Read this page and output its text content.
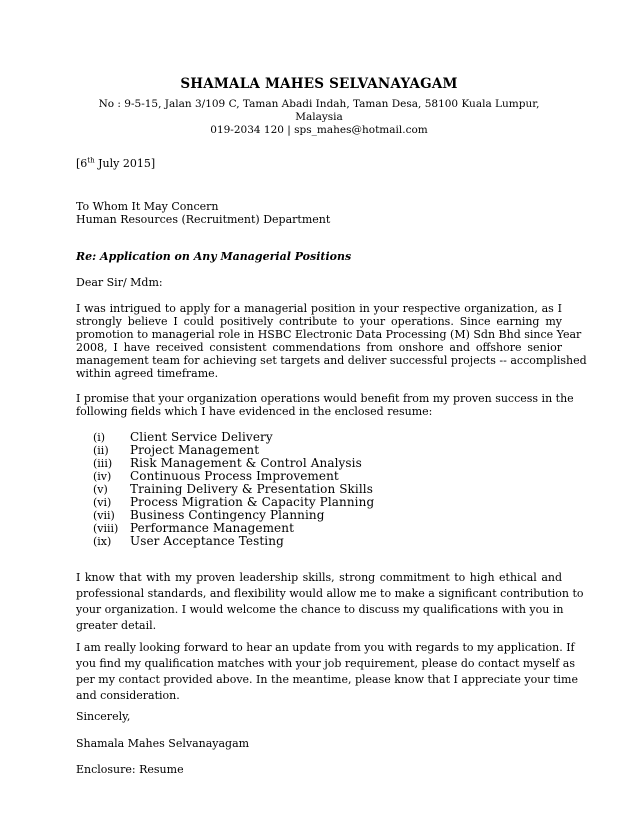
SHAMALA MAHES SELVANAYAGAM
No : 9-5-15, Jalan 3/109 C, Taman Abadi Indah, Taman Desa, 58100 Kuala Lumpur,
Malaysia
019-2034 120 | sps_mahes@hotmail.com
[6th July 2015]
To Whom It May Concern
Human Resources (Recruitment) Department
Re: Application on Any Managerial Positions
Dear Sir/ Mdm:
I was intrigued to apply for a managerial position in your respective organization, as I
strongly believe I could positively contribute to your operations. Since earning my
promotion to managerial role in HSBC Electronic Data Processing (M) Sdn Bhd since Year
2008, I have received consistent commendations from onshore and offshore senior
management team for achieving set targets and deliver successful projects -- accomplished
within agreed timeframe.
I promise that your organization operations would benefit from my proven success in the
following fields which I have evidenced in the enclosed resume:
(i) Client Service Delivery
(ii) Project Management
(iii) Risk Management & Control Analysis
(iv) Continuous Process Improvement
(v) Training Delivery & Presentation Skills
(vi) Process Migration & Capacity Planning
(vii) Business Contingency Planning
(viii) Performance Management
(ix) User Acceptance Testing
I know that with my proven leadership skills, strong commitment to high ethical and
professional standards, and flexibility would allow me to make a significant contribution to
your organization. I would welcome the chance to discuss my qualifications with you in
greater detail.
I am really looking forward to hear an update from you with regards to my application. If
you find my qualification matches with your job requirement, please do contact myself as
per my contact provided above. In the meantime, please know that I appreciate your time
and consideration.
Sincerely,
Shamala Mahes Selvanayagam
Enclosure: Resume
